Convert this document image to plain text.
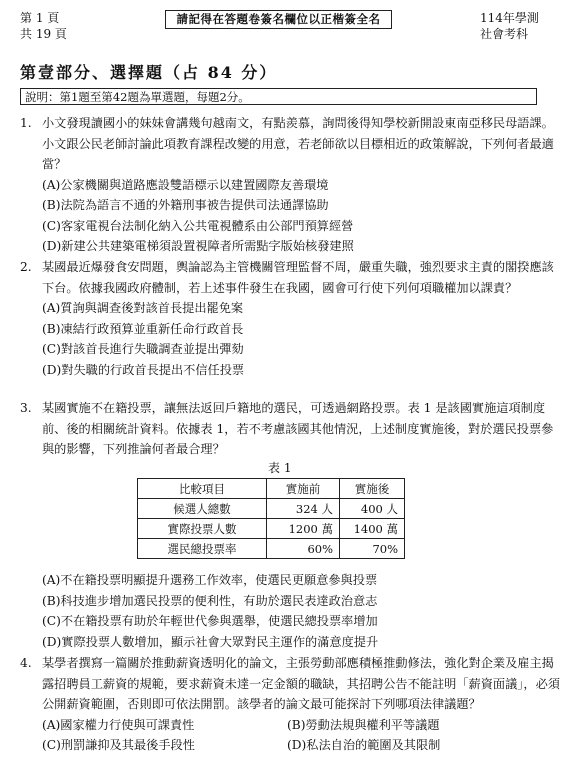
第 1 頁
共 19 頁
請記得在答題卷簽名欄位以正楷簽全名	114年學測
社會考科
第壹部分、選擇題（占 84 分）
說明：第1題至第42題為單選題，每題2分。
1. 小文發現讀國小的妹妹會講幾句越南文，有點羨慕，詢問後得知學校新開設東南亞移民母語課。小文跟公民老師討論此項教育課程改變的用意，若老師欲以目標相近的政策解說，下列何者最適當？
(A)公家機關與道路應設雙語標示以建置國際友善環境
(B)法院為語言不通的外籍刑事被告提供司法通譯協助
(C)客家電視台法制化納入公共電視體系由公部門預算經營
(D)新建公共建築電梯須設置視障者所需點字版始核發建照
2. 某國最近爆發食安問題，輿論認為主管機關管理監督不周，嚴重失職，強烈要求主責的閣揆應該下台。依據我國政府體制，若上述事件發生在我國，國會可行使下列何項職權加以課責？
(A)質詢與調查後對該首長提出罷免案
(B)凍結行政預算並重新任命行政首長
(C)對該首長進行失職調查並提出彈劾
(D)對失職的行政首長提出不信任投票
3. 某國實施不在籍投票，讓無法返回戶籍地的選民，可透過網路投票。表 1 是該國實施這項制度前、後的相關統計資料。依據表 1，若不考慮該國其他情況，上述制度實施後，對於選民投票參與的影響，下列推論何者最合理？
表 1
比較項目	實施前	實施後
候選人總數	324 人	400 人
實際投票人數	1200 萬	1400 萬
選民總投票率	60%	70%
(A)不在籍投票明顯提升選務工作效率，使選民更願意參與投票
(B)科技進步增加選民投票的便利性，有助於選民表達政治意志
(C)不在籍投票有助於年輕世代參與選舉，使選民總投票率增加
(D)實際投票人數增加，顯示社會大眾對民主運作的滿意度提升
4. 某學者撰寫一篇關於推動薪資透明化的論文，主張勞動部應積極推動修法，強化對企業及雇主揭露招聘員工薪資的規範，要求薪資未達一定金額的職缺，其招聘公告不能註明「薪資面議」，必須公開薪資範圍，否則即可依法開罰。該學者的論文最可能探討下列哪項法律議題？
(A)國家權力行使與可課責性	(B)勞動法規與權利平等議題
(C)刑罰謙抑及其最後手段性	(D)私法自治的範圍及其限制
